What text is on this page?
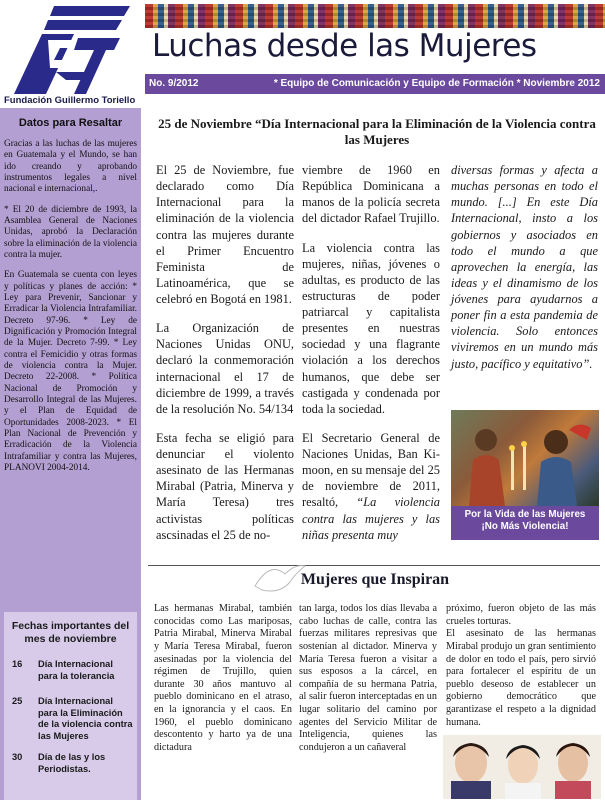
Fundación Guillermo Toriello
Datos para Resaltar

Gracias a las luchas de las mujeres en Guatemala y el Mundo, se han ido creando y aprobando instrumentos legales a nivel nacional e internacional,.

* El 20 de diciembre de 1993, la Asamblea General de Naciones Unidas, aprobó la Declaración sobre la eliminación de la violencia contra la mujer.

En Guatemala se cuenta con leyes y políticas y planes de acción: * Ley para Prevenir, Sancionar y Erradicar la Violencia Intrafamiliar. Decreto 97-96. * Ley de Dignificación y Promoción Integral de la Mujer. Decreto 7-99. * Ley contra el Femicidio y otras formas de violencia contra la Mujer. Decreto 22-2008. * Política Nacional de Promoción y Desarrollo Integral de las Mujeres. y el Plan de Equidad de Oportunidades 2008-2023. * El Plan Nacional de Prevención y Erradicación de la Violencia Intrafamiliar y contra las Mujeres, PLANOVI 2004-2014.

Fechas importantes del mes de noviembre
16 Día Internacional para la tolerancia
25 Día Internacional para la Eliminación de la violencia contra las Mujeres
30 Día de las y los Periodistas.
Luchas desde las Mujeres
No. 9/2012	* Equipo de Comunicación y Equipo de Formación * Noviembre 2012
25 de Noviembre “Día Internacional para la Eliminación de la Violencia contra las Mujeres

El 25 de Noviembre, fue declarado como Día Internacional para la eliminación de la violencia contra las mujeres durante el Primer Encuentro Feminista de Latinoamérica, que se celebró en Bogotá en 1981.

La Organización de Naciones Unidas ONU, declaró la conmemoración internacional el 17 de diciembre de 1999, a través de la resolución No. 54/134

Esta fecha se eligió para denunciar el violento asesinato de las Hermanas Mirabal (Patria, Minerva y María Teresa) tres activistas políticas ascsinadas el 25 de no-

viembre de 1960 en República Dominicana a manos de la policía secreta del dictador Rafael Trujillo.

La violencia contra las mujeres, niñas, jóvenes o adultas, es producto de las estructuras de poder patriarcal y capitalista presentes en nuestras sociedad y una flagrante violación a los derechos humanos, que debe ser castigada y condenada por toda la sociedad.

El Secretario General de Naciones Unidas, Ban Ki-moon, en su mensaje del 25 de noviembre de 2011, resaltó, “La violencia contra las mujeres y las niñas presenta muy

diversas formas y afecta a muchas personas en todo el mundo. [...] En este Día Internacional, insto a los gobiernos y asociados en todo el mundo a que aprovechen la energía, las ideas y el dinamismo de los jóvenes para ayudarnos a poner fin a esta pandemia de violencia. Solo entonces viviremos en un mundo más justo, pacífico y equitativo”.

Por la Vida de las Mujeres
¡No Más Violencia!
Mujeres que Inspiran

Las hermanas Mirabal, también conocidas como Las mariposas, Patria Mirabal, Minerva Mirabal y María Teresa Mirabal, fueron asesinadas por la violencia del régimen de Trujillo, quien durante 30 años mantuvo al pueblo dominicano en el atraso, en la ignorancia y el caos. En 1960, el pueblo dominicano descontento y harto ya de una dictadura

tan larga, todos los días llevaba a cabo luchas de calle, contra las fuerzas militares represivas que sostenían al dictador. Minerva y María Teresa fueron a visitar a sus esposos a la cárcel, en compañía de su hermana Patria, al salir fueron interceptadas en un lugar solitario del camino por agentes del Servicio Militar de Inteligencia, quienes las condujeron a un cañaveral

próximo, fueron objeto de las más crueles torturas.

El asesinato de las hermanas Mirabal produjo un gran sentimiento de dolor en todo el país, pero sirvió para fortalecer el espíritu de un pueblo deseoso de establecer un gobierno democrático que garantizase el respeto a la dignidad humana.
